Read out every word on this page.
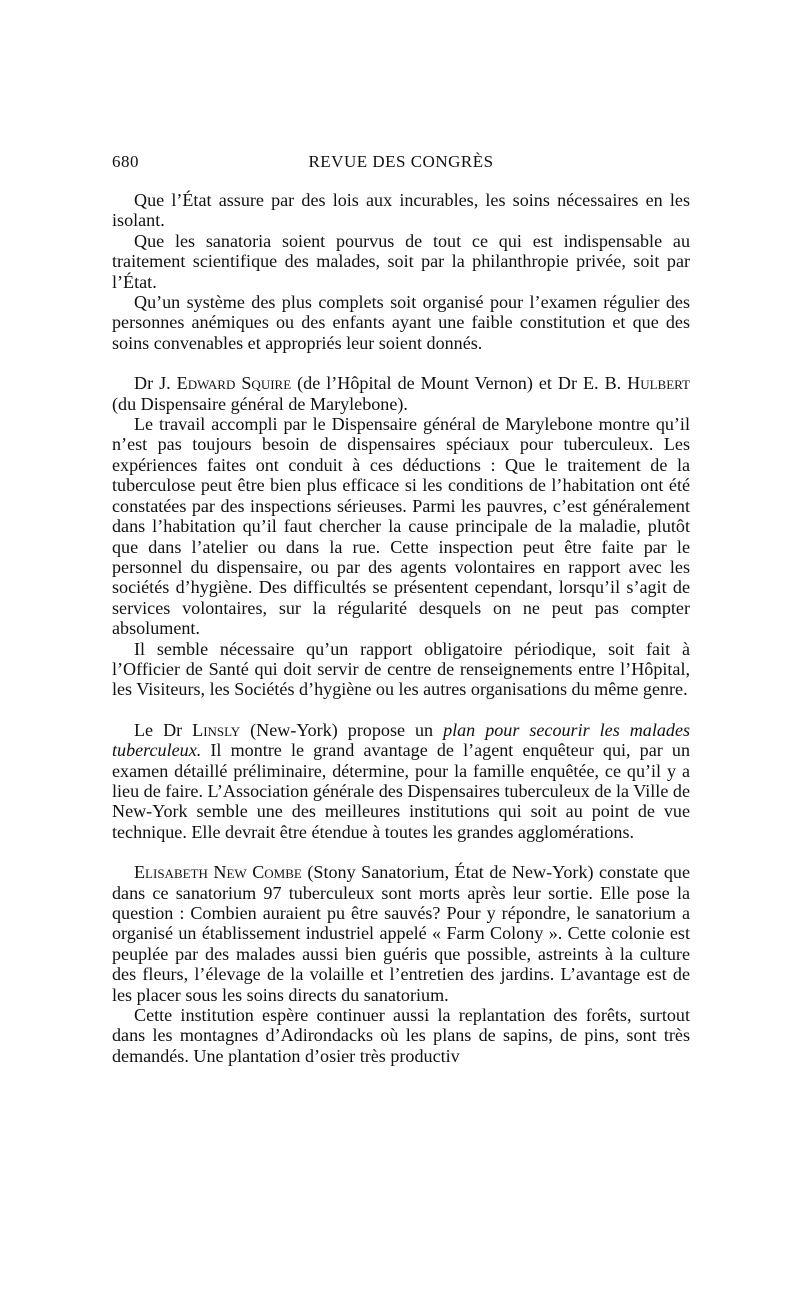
680	REVUE DES CONGRÈS

Que l’État assure par des lois aux incurables, les soins nécessaires en les isolant.

Que les sanatoria soient pourvus de tout ce qui est indispensable au traitement scientifique des malades, soit par la philanthropie privée, soit par l’État.

Qu’un système des plus complets soit organisé pour l’examen régulier des personnes anémiques ou des enfants ayant une faible constitution et que des soins convenables et appropriés leur soient donnés.

Dr J. Edward Squire (de l’Hôpital de Mount Vernon) et Dr E. B. Hulbert (du Dispensaire général de Marylebone).

Le travail accompli par le Dispensaire général de Marylebone montre qu’il n’est pas toujours besoin de dispensaires spéciaux pour tuberculeux. Les expériences faites ont conduit à ces déductions : Que le traitement de la tuberculose peut être bien plus efficace si les conditions de l’habitation ont été constatées par des inspections sérieuses. Parmi les pauvres, c’est généralement dans l’habitation qu’il faut chercher la cause principale de la maladie, plutôt que dans l’atelier ou dans la rue. Cette inspection peut être faite par le personnel du dispensaire, ou par des agents volontaires en rapport avec les sociétés d’hygiène. Des difficultés se présentent cependant, lorsqu’il s’agit de services volontaires, sur la régularité desquels on ne peut pas compter absolument.

Il semble nécessaire qu’un rapport obligatoire périodique, soit fait à l’Officier de Santé qui doit servir de centre de renseignements entre l’Hôpital, les Visiteurs, les Sociétés d’hygiène ou les autres organisations du même genre.

Le Dr Linsly (New-York) propose un plan pour secourir les malades tuberculeux. Il montre le grand avantage de l’agent enquêteur qui, par un examen détaillé préliminaire, détermine, pour la famille enquêtée, ce qu’il y a lieu de faire. L’Association générale des Dispensaires tuberculeux de la Ville de New-York semble une des meilleures institutions qui soit au point de vue technique. Elle devrait être étendue à toutes les grandes agglomérations.

Elisabeth New Combe (Stony Sanatorium, État de New-York) constate que dans ce sanatorium 97 tuberculeux sont morts après leur sortie. Elle pose la question : Combien auraient pu être sauvés? Pour y répondre, le sanatorium a organisé un établissement industriel appelé « Farm Colony ». Cette colonie est peuplée par des malades aussi bien guéris que possible, astreints à la culture des fleurs, l’élevage de la volaille et l’entretien des jardins. L’avantage est de les placer sous les soins directs du sanatorium.

Cette institution espère continuer aussi la replantation des forêts, surtout dans les montagnes d’Adirondacks où les plans de sapins, de pins, sont très demandés. Une plantation d’osier très productiv
